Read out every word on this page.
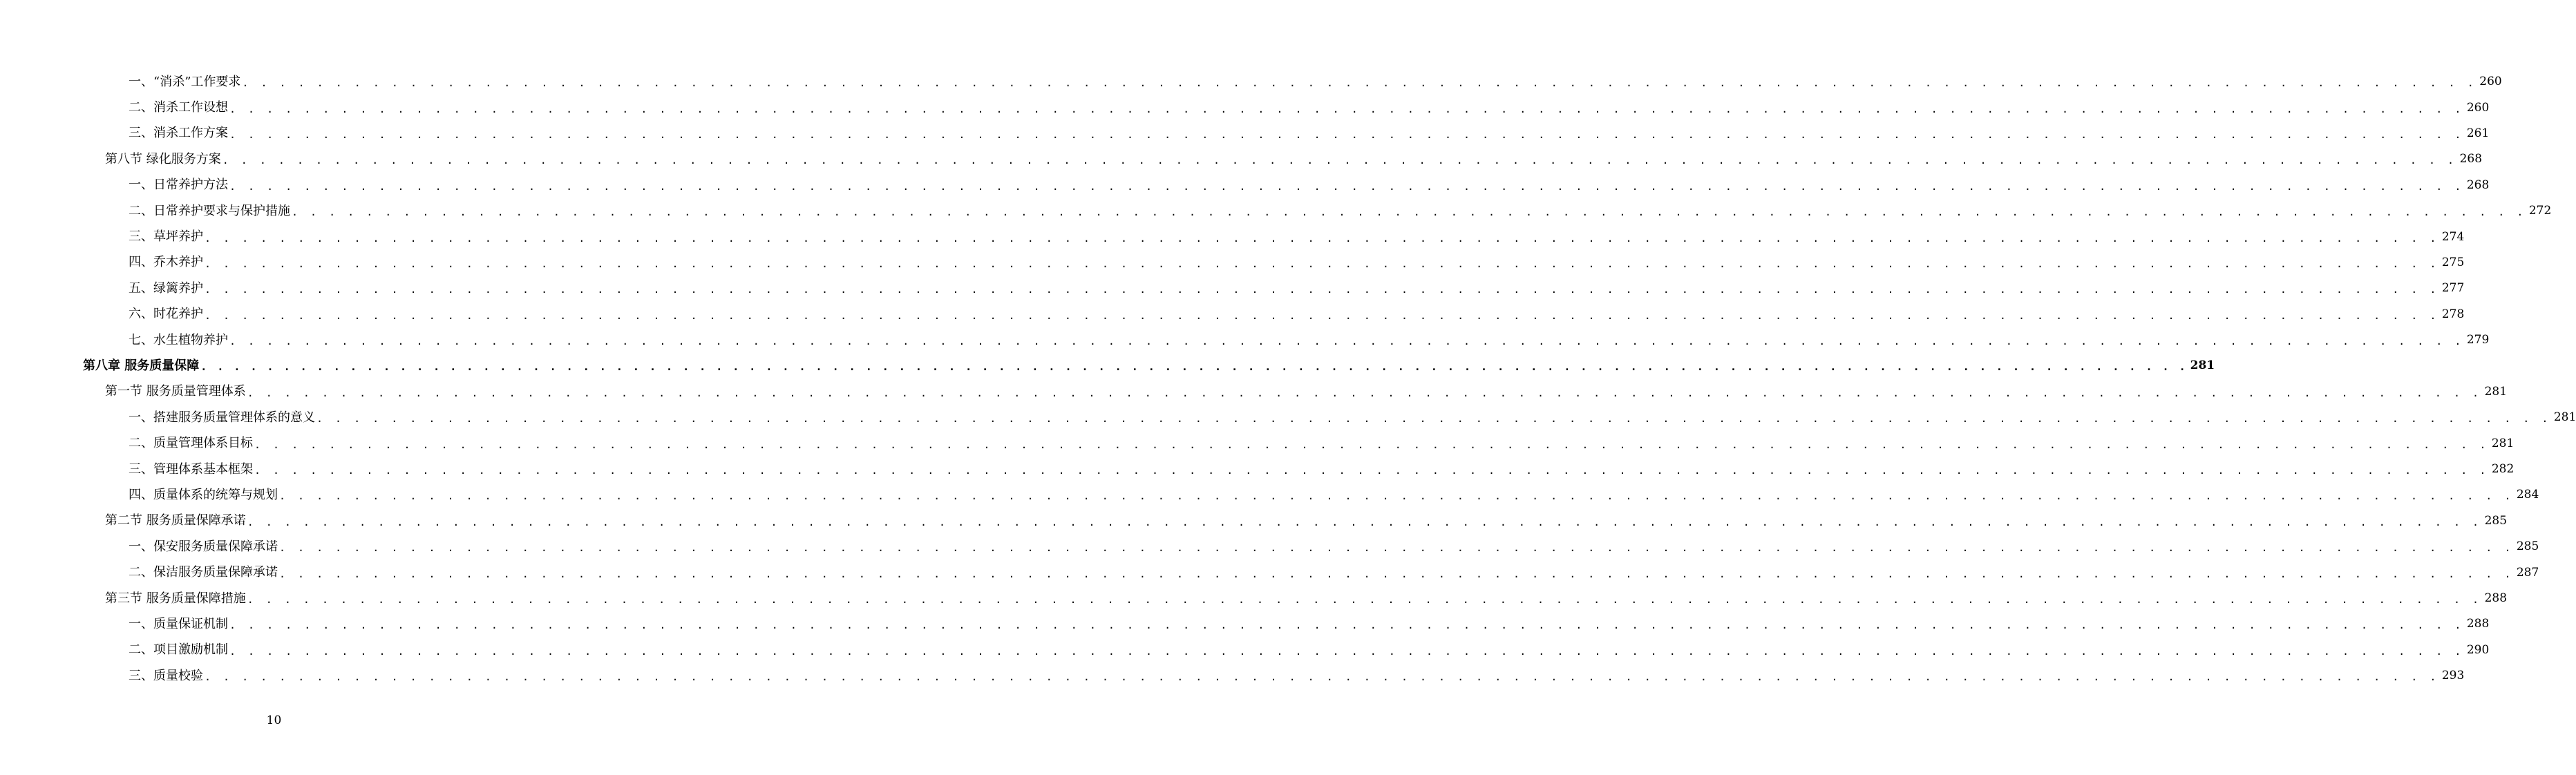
一、“消杀”工作要求 . . . . . . . . . . . . . . . . . . . . . . . . . . . . . . . . . . . . . . . . . . . . . . . . . . . . . . . . . . . . . . . . . . . . . . . . . . . . . . . . . . . . . . . . . . . . . . . . . . . . . . . . . . . . . . . . . . . . . . . . 260
二、消杀工作设想 . . . . . . . . . . . . . . . . . . . . . . . . . . . . . . . . . . . . . . . . . . . . . . . . . . . . . . . . . . . . . . . . . . . . . . . . . . . . . . . . . . . . . . . . . . . . . . . . . . . . . . . . . . . . . . . . . . . . . . . . 260
三、消杀工作方案 . . . . . . . . . . . . . . . . . . . . . . . . . . . . . . . . . . . . . . . . . . . . . . . . . . . . . . . . . . . . . . . . . . . . . . . . . . . . . . . . . . . . . . . . . . . . . . . . . . . . . . . . . . . . . . . . . . . . . . . . 261
第八节 绿化服务方案 . . . . . . . . . . . . . . . . . . . . . . . . . . . . . . . . . . . . . . . . . . . . . . . . . . . . . . . . . . . . . . . . . . . . . . . . . . . . . . . . . . . . . . . . . . . . . . . . . . . . . . . . . . . . . . . . . . . . . . . . 268
一、日常养护方法 . . . . . . . . . . . . . . . . . . . . . . . . . . . . . . . . . . . . . . . . . . . . . . . . . . . . . . . . . . . . . . . . . . . . . . . . . . . . . . . . . . . . . . . . . . . . . . . . . . . . . . . . . . . . . . . . . . . . . . . . 268
二、日常养护要求与保护措施 . . . . . . . . . . . . . . . . . . . . . . . . . . . . . . . . . . . . . . . . . . . . . . . . . . . . . . . . . . . . . . . . . . . . . . . . . . . . . . . . . . . . . . . . . . . . . . . . . . . . . . . . . . . . . . . . . . . . . . . . 272
三、草坪养护 . . . . . . . . . . . . . . . . . . . . . . . . . . . . . . . . . . . . . . . . . . . . . . . . . . . . . . . . . . . . . . . . . . . . . . . . . . . . . . . . . . . . . . . . . . . . . . . . . . . . . . . . . . . . . . . . . . . . . . . . 274
四、乔木养护 . . . . . . . . . . . . . . . . . . . . . . . . . . . . . . . . . . . . . . . . . . . . . . . . . . . . . . . . . . . . . . . . . . . . . . . . . . . . . . . . . . . . . . . . . . . . . . . . . . . . . . . . . . . . . . . . . . . . . . . . 275
五、绿篱养护 . . . . . . . . . . . . . . . . . . . . . . . . . . . . . . . . . . . . . . . . . . . . . . . . . . . . . . . . . . . . . . . . . . . . . . . . . . . . . . . . . . . . . . . . . . . . . . . . . . . . . . . . . . . . . . . . . . . . . . . . 277
六、时花养护 . . . . . . . . . . . . . . . . . . . . . . . . . . . . . . . . . . . . . . . . . . . . . . . . . . . . . . . . . . . . . . . . . . . . . . . . . . . . . . . . . . . . . . . . . . . . . . . . . . . . . . . . . . . . . . . . . . . . . . . . 278
七、水生植物养护 . . . . . . . . . . . . . . . . . . . . . . . . . . . . . . . . . . . . . . . . . . . . . . . . . . . . . . . . . . . . . . . . . . . . . . . . . . . . . . . . . . . . . . . . . . . . . . . . . . . . . . . . . . . . . . . . . . . . . . . . 279
第八章 服务质量保障 . . . . . . . . . . . . . . . . . . . . . . . . . . . . . . . . . . . . . . . . . . . . . . . . . . . . . . . . . . . . . . . . . . . . . . . . . . . . . . . . . . . . . . . . . . . . . . . . . . . . . . . . . . . . . . . . . . . . . . . . 281
第一节 服务质量管理体系 . . . . . . . . . . . . . . . . . . . . . . . . . . . . . . . . . . . . . . . . . . . . . . . . . . . . . . . . . . . . . . . . . . . . . . . . . . . . . . . . . . . . . . . . . . . . . . . . . . . . . . . . . . . . . . . . . . . . . . . . 281
一、搭建服务质量管理体系的意义 . . . . . . . . . . . . . . . . . . . . . . . . . . . . . . . . . . . . . . . . . . . . . . . . . . . . . . . . . . . . . . . . . . . . . . . . . . . . . . . . . . . . . . . . . . . . . . . . . . . . . . . . . . . . . . . . . . . . . . . . 281
二、质量管理体系目标 . . . . . . . . . . . . . . . . . . . . . . . . . . . . . . . . . . . . . . . . . . . . . . . . . . . . . . . . . . . . . . . . . . . . . . . . . . . . . . . . . . . . . . . . . . . . . . . . . . . . . . . . . . . . . . . . . . . . . . . . 281
三、管理体系基本框架 . . . . . . . . . . . . . . . . . . . . . . . . . . . . . . . . . . . . . . . . . . . . . . . . . . . . . . . . . . . . . . . . . . . . . . . . . . . . . . . . . . . . . . . . . . . . . . . . . . . . . . . . . . . . . . . . . . . . . . . . 282
四、质量体系的统筹与规划 . . . . . . . . . . . . . . . . . . . . . . . . . . . . . . . . . . . . . . . . . . . . . . . . . . . . . . . . . . . . . . . . . . . . . . . . . . . . . . . . . . . . . . . . . . . . . . . . . . . . . . . . . . . . . . . . . . . . . . . . 284
第二节 服务质量保障承诺 . . . . . . . . . . . . . . . . . . . . . . . . . . . . . . . . . . . . . . . . . . . . . . . . . . . . . . . . . . . . . . . . . . . . . . . . . . . . . . . . . . . . . . . . . . . . . . . . . . . . . . . . . . . . . . . . . . . . . . . . 285
一、保安服务质量保障承诺 . . . . . . . . . . . . . . . . . . . . . . . . . . . . . . . . . . . . . . . . . . . . . . . . . . . . . . . . . . . . . . . . . . . . . . . . . . . . . . . . . . . . . . . . . . . . . . . . . . . . . . . . . . . . . . . . . . . . . . . . 285
二、保洁服务质量保障承诺 . . . . . . . . . . . . . . . . . . . . . . . . . . . . . . . . . . . . . . . . . . . . . . . . . . . . . . . . . . . . . . . . . . . . . . . . . . . . . . . . . . . . . . . . . . . . . . . . . . . . . . . . . . . . . . . . . . . . . . . . 287
第三节 服务质量保障措施 . . . . . . . . . . . . . . . . . . . . . . . . . . . . . . . . . . . . . . . . . . . . . . . . . . . . . . . . . . . . . . . . . . . . . . . . . . . . . . . . . . . . . . . . . . . . . . . . . . . . . . . . . . . . . . . . . . . . . . . . 288
一、质量保证机制 . . . . . . . . . . . . . . . . . . . . . . . . . . . . . . . . . . . . . . . . . . . . . . . . . . . . . . . . . . . . . . . . . . . . . . . . . . . . . . . . . . . . . . . . . . . . . . . . . . . . . . . . . . . . . . . . . . . . . . . . 288
二、项目激励机制 . . . . . . . . . . . . . . . . . . . . . . . . . . . . . . . . . . . . . . . . . . . . . . . . . . . . . . . . . . . . . . . . . . . . . . . . . . . . . . . . . . . . . . . . . . . . . . . . . . . . . . . . . . . . . . . . . . . . . . . . 290
三、质量校验 . . . . . . . . . . . . . . . . . . . . . . . . . . . . . . . . . . . . . . . . . . . . . . . . . . . . . . . . . . . . . . . . . . . . . . . . . . . . . . . . . . . . . . . . . . . . . . . . . . . . . . . . . . . . . . . . . . . . . . . . 293
10
